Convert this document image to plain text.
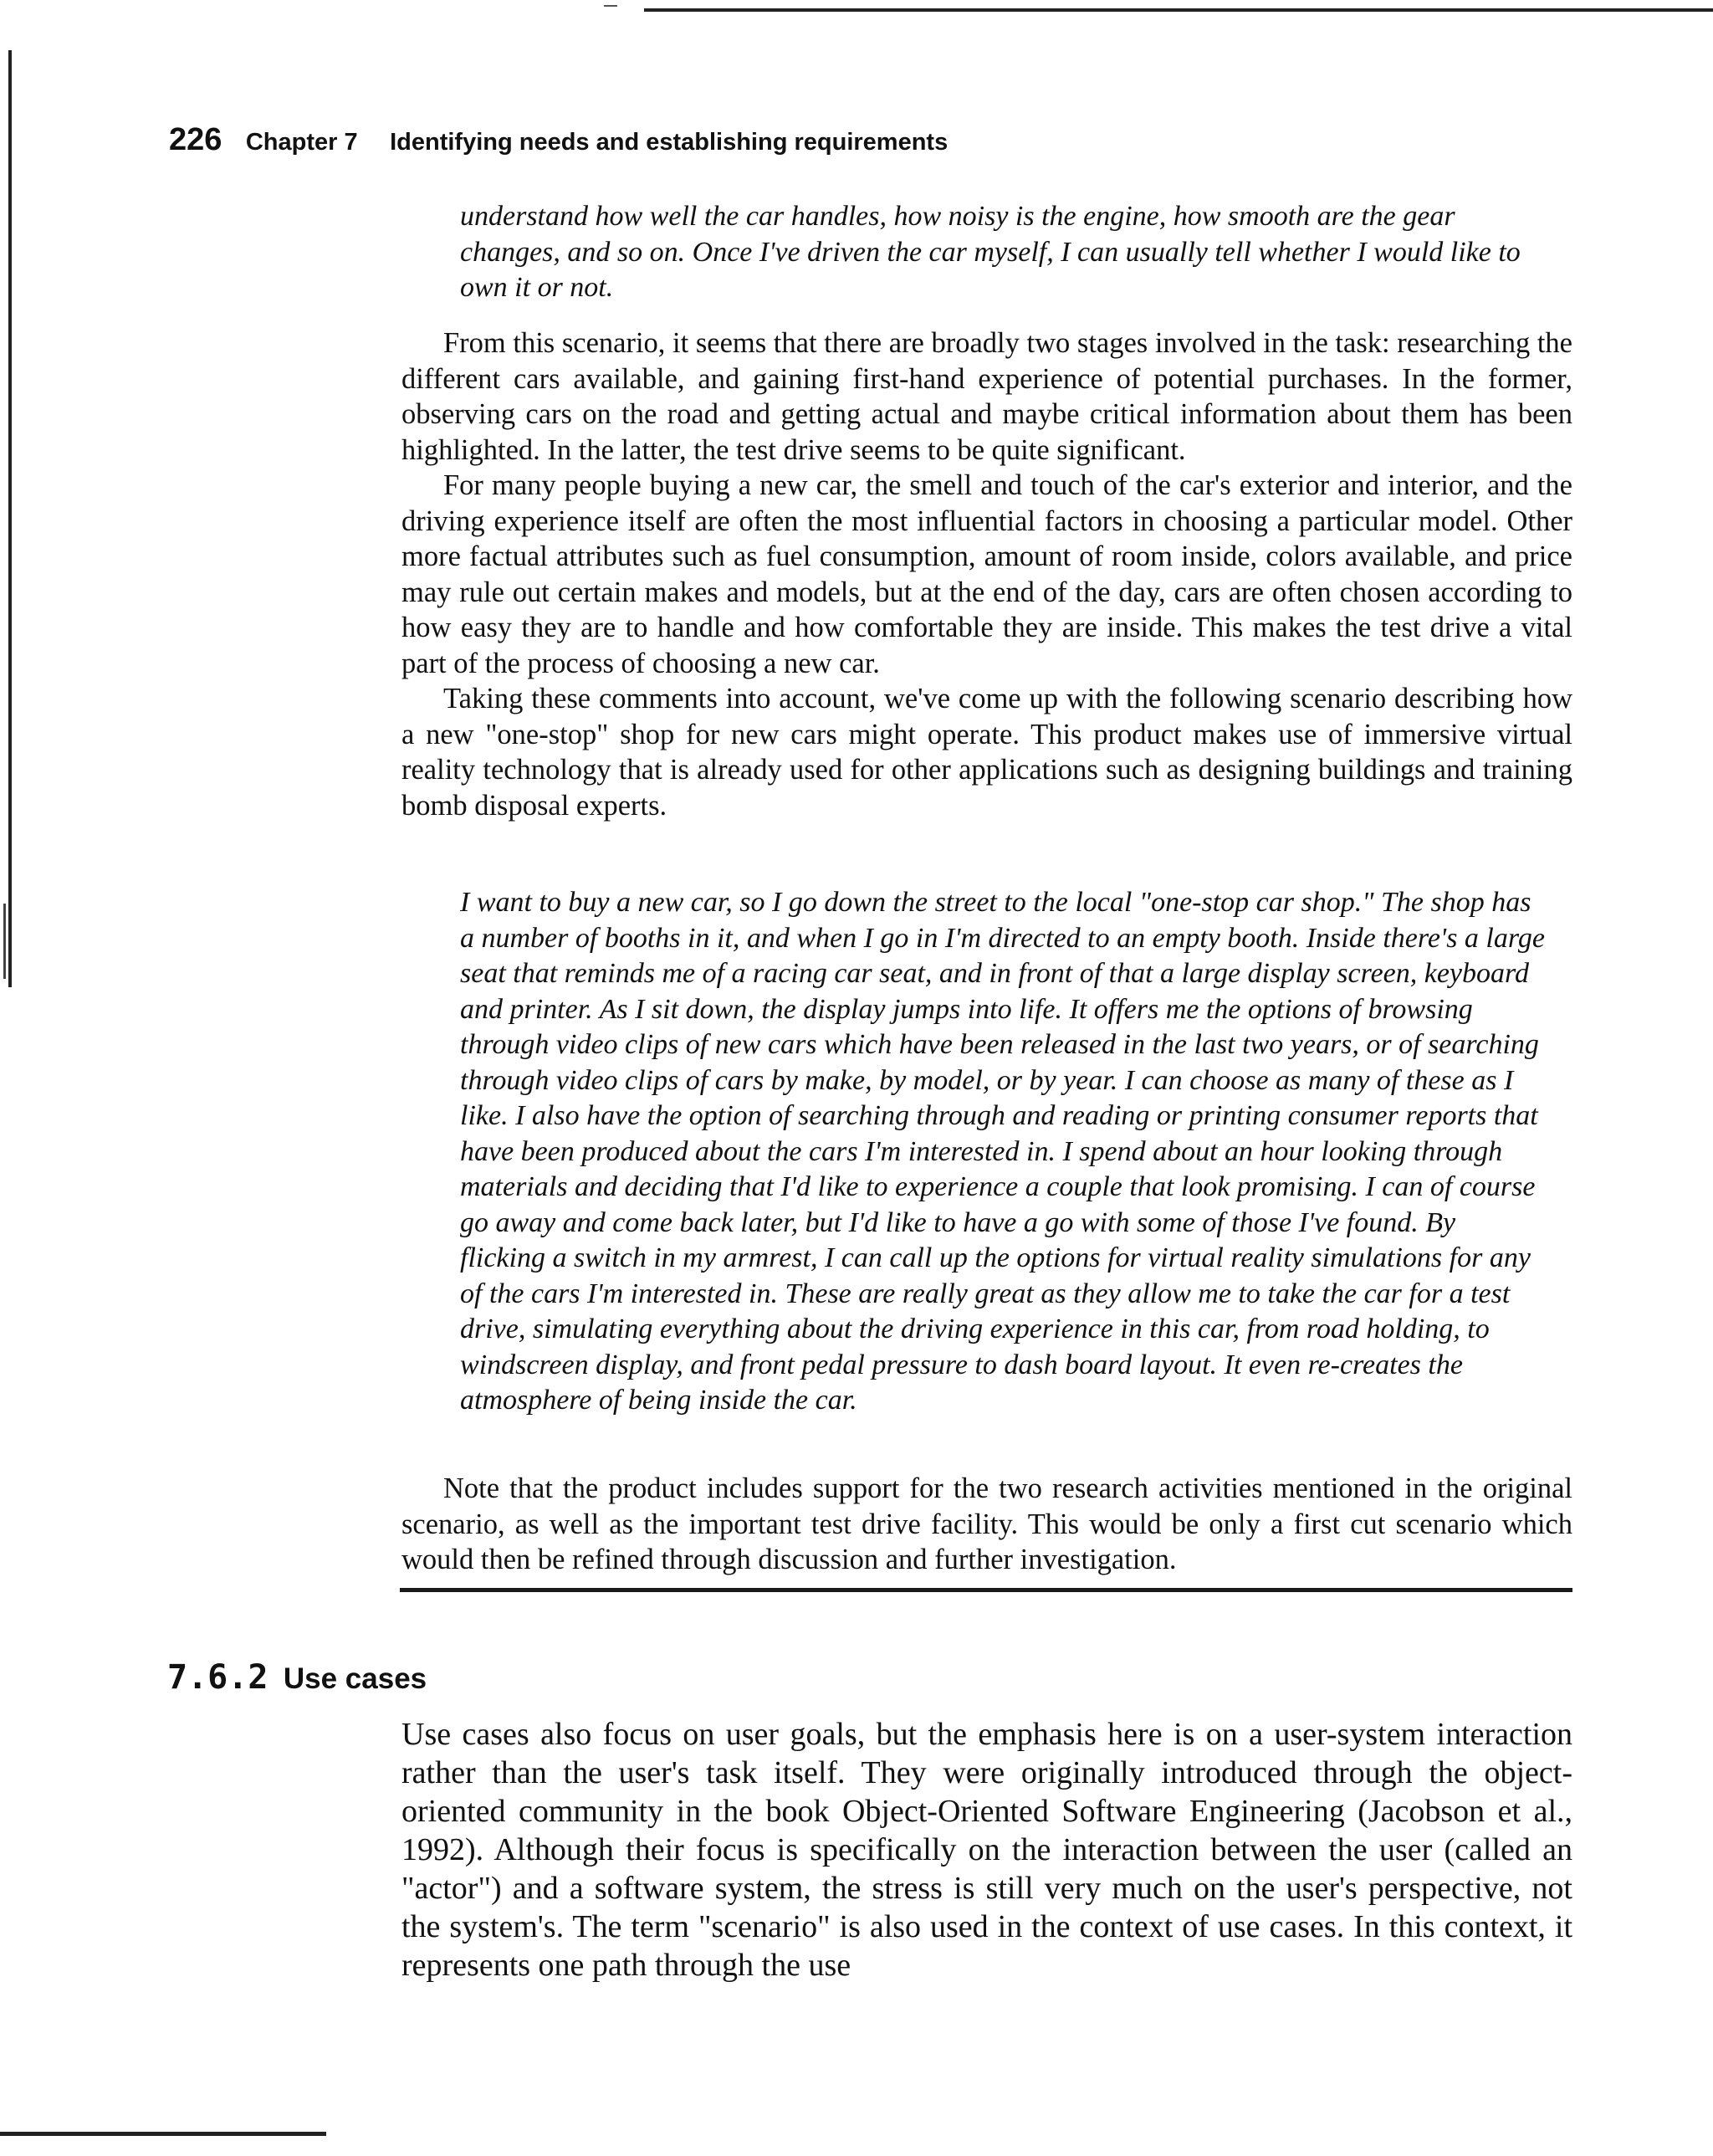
226 Chapter 7 Identifying needs and establishing requirements

understand how well the car handles, how noisy is the engine, how smooth are the gear changes, and so on. Once I've driven the car myself, I can usually tell whether I would like to own it or not.

From this scenario, it seems that there are broadly two stages involved in the task: researching the different cars available, and gaining first-hand experience of potential purchases. In the former, observing cars on the road and getting actual and maybe critical information about them has been highlighted. In the latter, the test drive seems to be quite significant.

For many people buying a new car, the smell and touch of the car's exterior and interior, and the driving experience itself are often the most influential factors in choosing a particular model. Other more factual attributes such as fuel consumption, amount of room inside, colors available, and price may rule out certain makes and models, but at the end of the day, cars are often chosen according to how easy they are to handle and how comfortable they are inside. This makes the test drive a vital part of the process of choosing a new car.

Taking these comments into account, we've come up with the following scenario describing how a new "one-stop" shop for new cars might operate. This product makes use of immersive virtual reality technology that is already used for other applications such as designing buildings and training bomb disposal experts.

I want to buy a new car, so I go down the street to the local "one-stop car shop." The shop has a number of booths in it, and when I go in I'm directed to an empty booth. Inside there's a large seat that reminds me of a racing car seat, and in front of that a large display screen, keyboard and printer. As I sit down, the display jumps into life. It offers me the options of browsing through video clips of new cars which have been released in the last two years, or of searching through video clips of cars by make, by model, or by year. I can choose as many of these as I like. I also have the option of searching through and reading or printing consumer reports that have been produced about the cars I'm interested in. I spend about an hour looking through materials and deciding that I'd like to experience a couple that look promising. I can of course go away and come back later, but I'd like to have a go with some of those I've found. By flicking a switch in my armrest, I can call up the options for virtual reality simulations for any of the cars I'm interested in. These are really great as they allow me to take the car for a test drive, simulating everything about the driving experience in this car, from road holding, to windscreen display, and front pedal pressure to dash board layout. It even re-creates the atmosphere of being inside the car.

Note that the product includes support for the two research activities mentioned in the original scenario, as well as the important test drive facility. This would be only a first cut scenario which would then be refined through discussion and further investigation.

7.6.2 Use cases

Use cases also focus on user goals, but the emphasis here is on a user-system interaction rather than the user's task itself. They were originally introduced through the object-oriented community in the book Object-Oriented Software Engineering (Jacobson et al., 1992). Although their focus is specifically on the interaction between the user (called an "actor") and a software system, the stress is still very much on the user's perspective, not the system's. The term "scenario" is also used in the context of use cases. In this context, it represents one path through the use
